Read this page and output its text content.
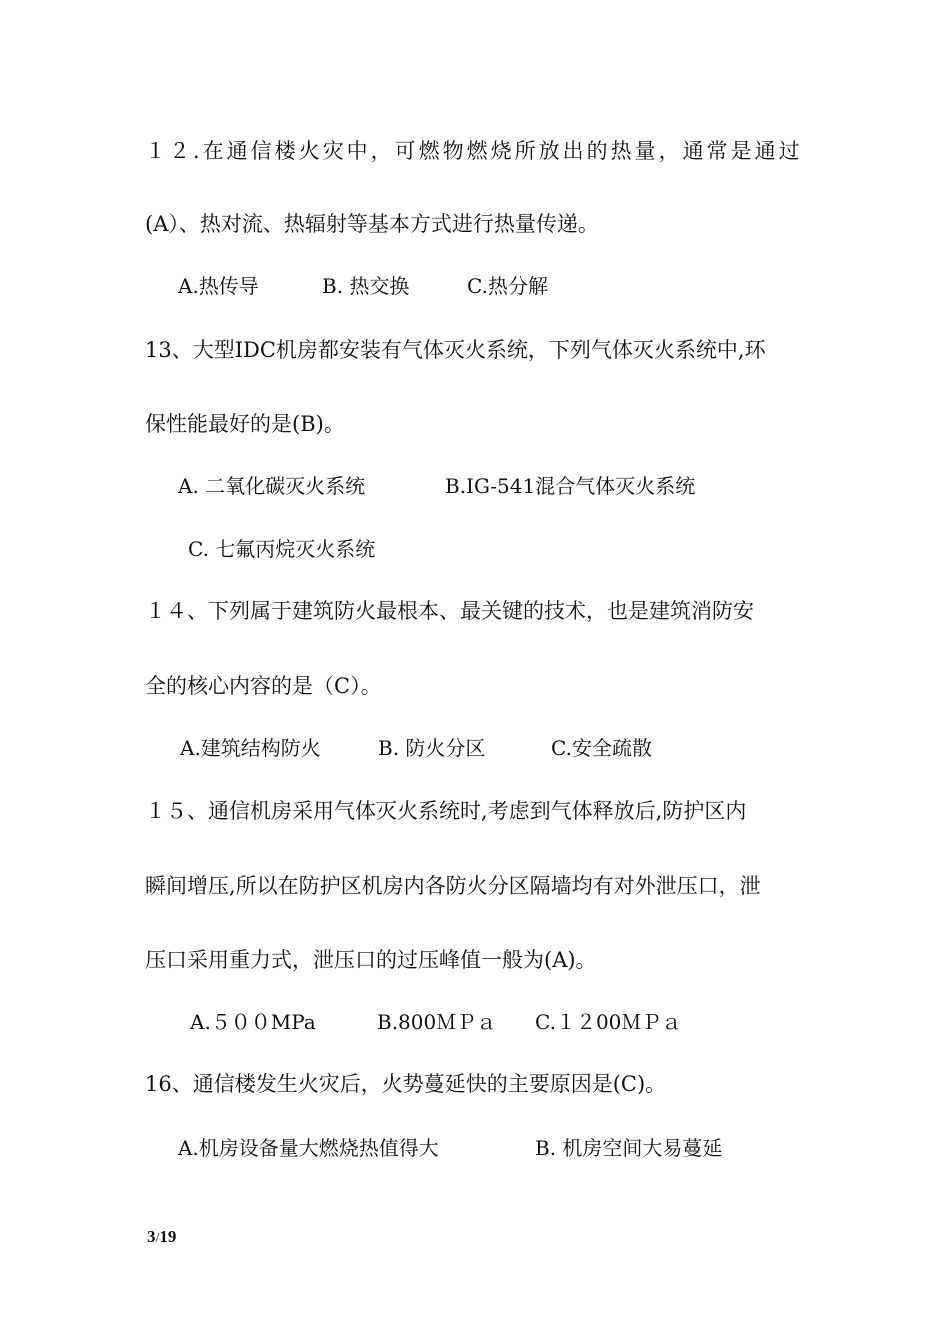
１２.在通信楼火灾中，可燃物燃烧所放出的热量，通常是通过
(A）、热对流、热辐射等基本方式进行热量传递。
A.热传导	B. 热交换	C.热分解
13、大型IDC机房都安装有气体灭火系统，下列气体灭火系统中,环
保性能最好的是(B)。
A. 二氧化碳灭火系统	B.IG-541混合气体灭火系统
C. 七氟丙烷灭火系统
１４、下列属于建筑防火最根本、最关键的技术，也是建筑消防安
全的核心内容的是（C）。
A.建筑结构防火	B. 防火分区	C.安全疏散
１５、通信机房采用气体灭火系统时,考虑到气体释放后,防护区内
瞬间增压,所以在防护区机房内各防火分区隔墙均有对外泄压口，泄
压口采用重力式，泄压口的过压峰值一般为(A)。
A.５００MPa	B.800ＭＰａ C.１２00ＭＰａ
16、通信楼发生火灾后，火势蔓延快的主要原因是(C)。
A.机房设备量大燃烧热值得大	B. 机房空间大易蔓延
3/19
